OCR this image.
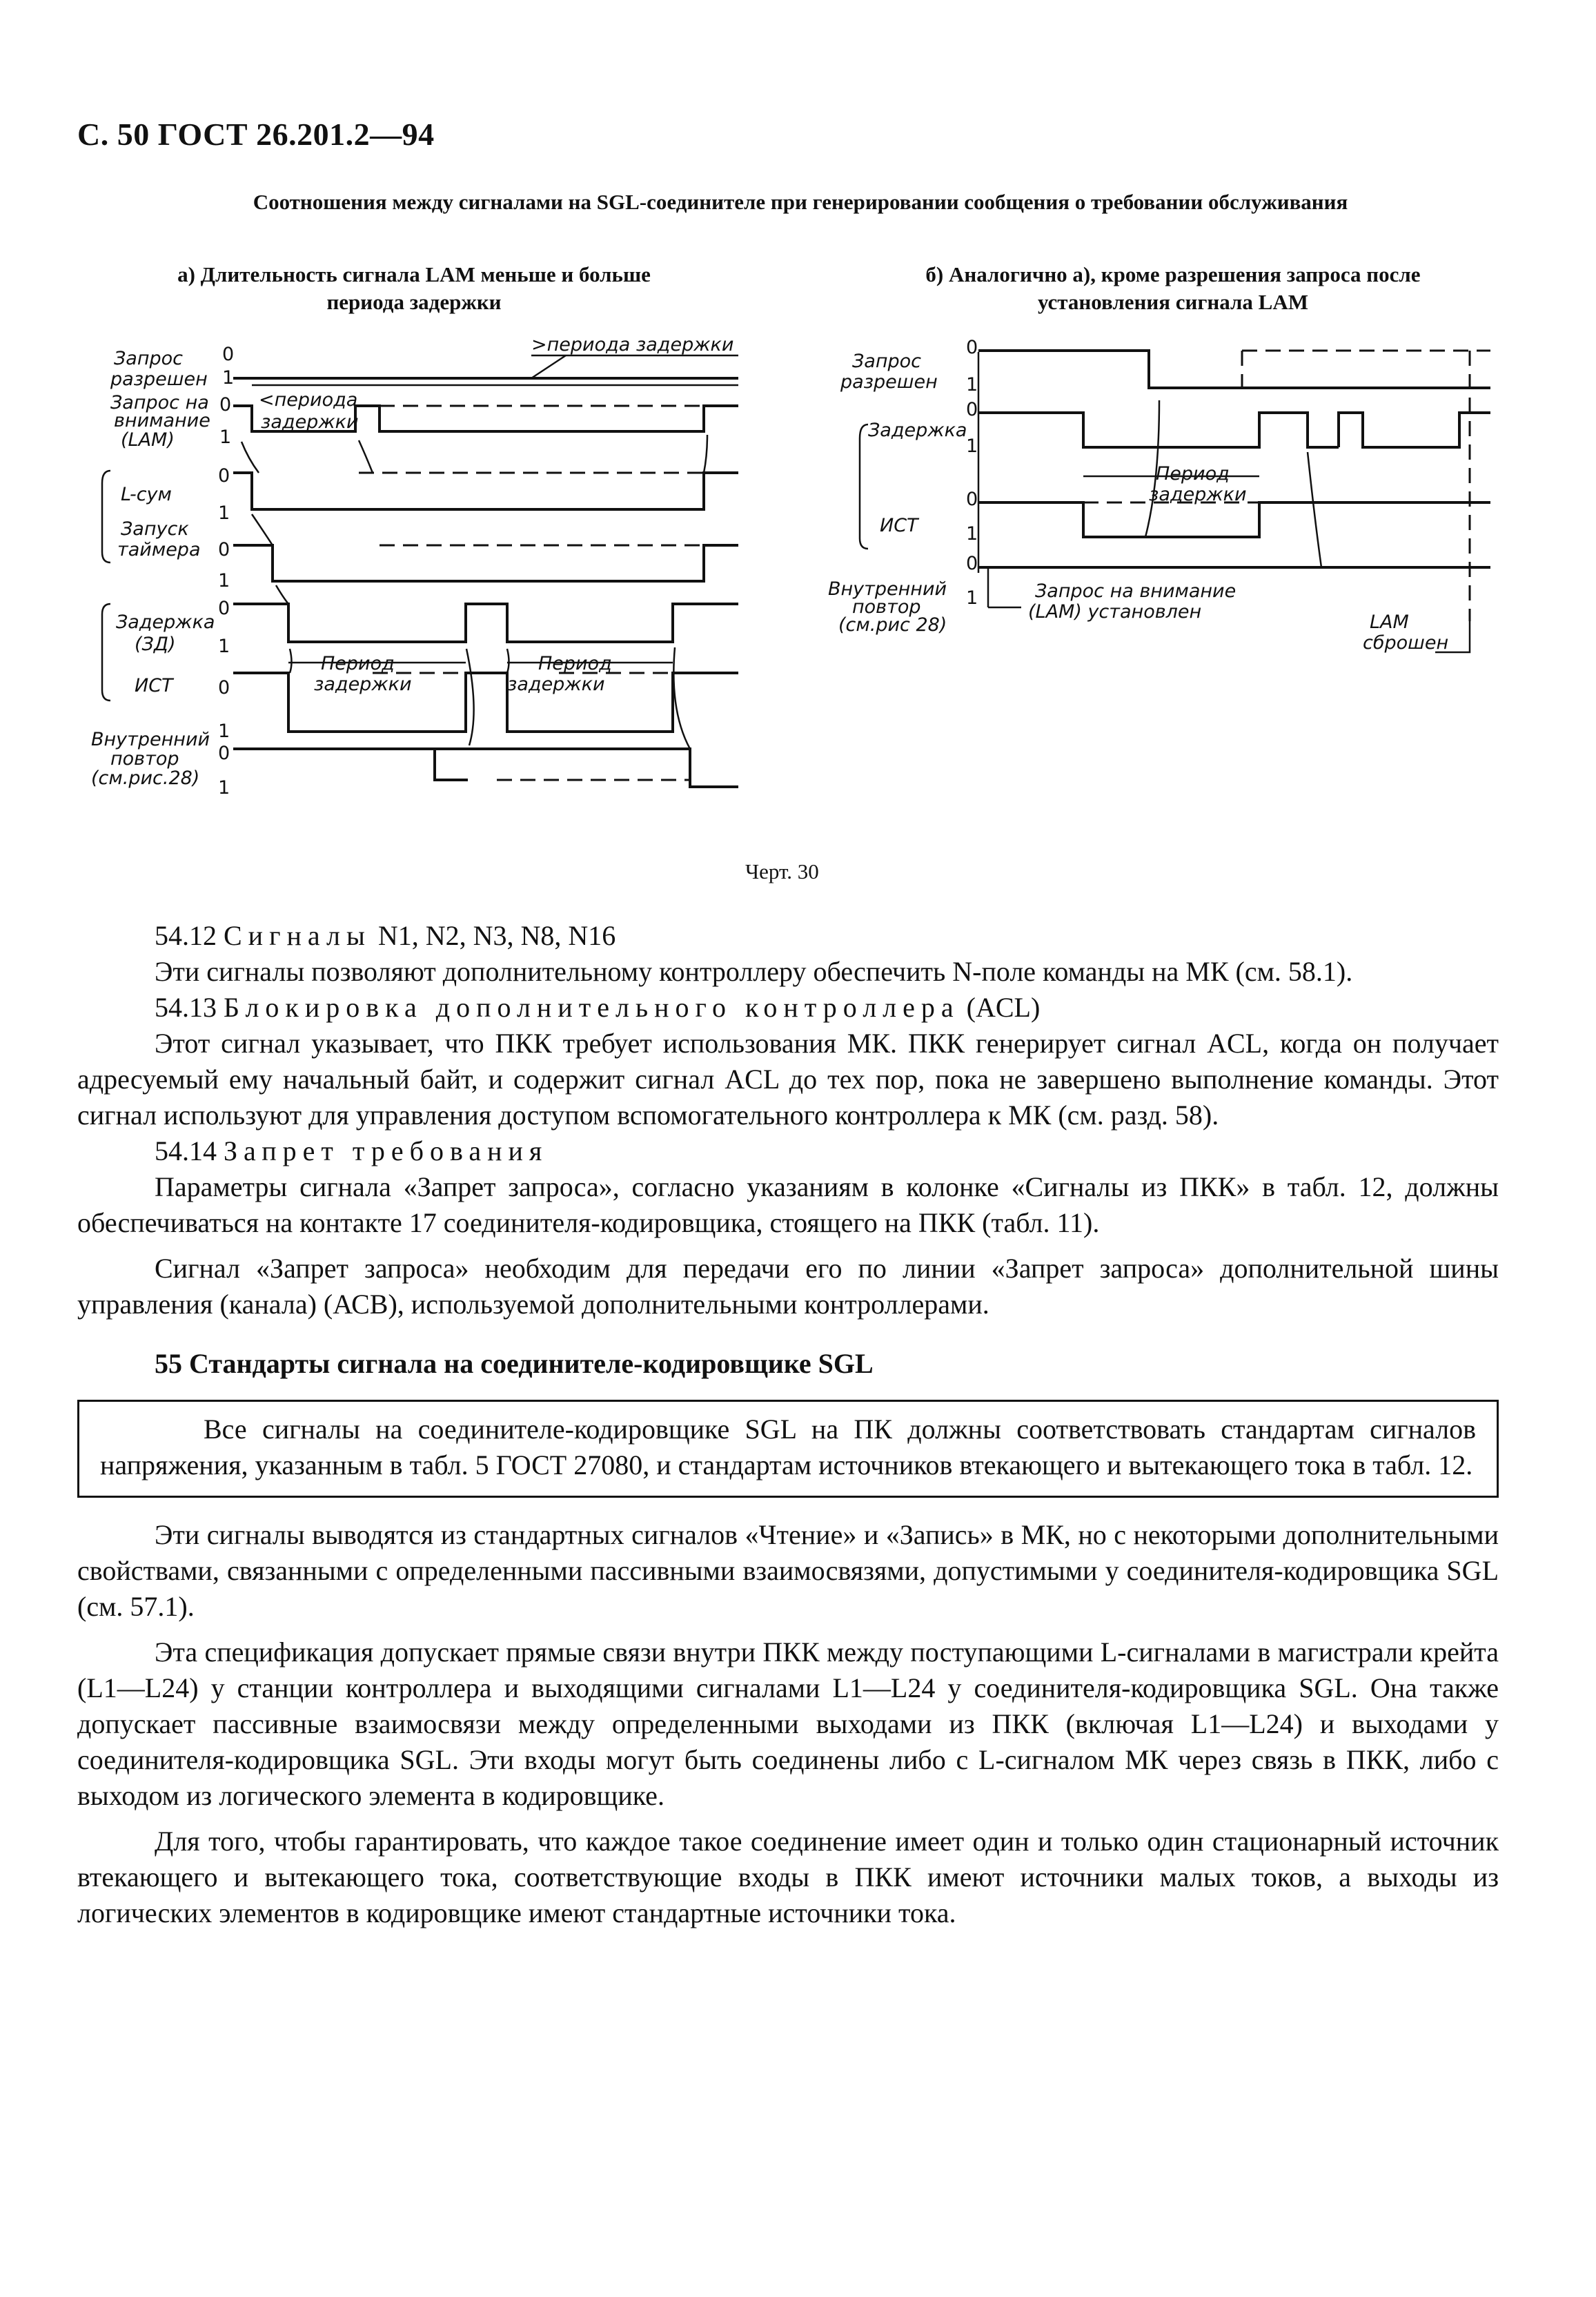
С. 50 ГОСТ 26.201.2—94
Соотношения между сигналами на SGL-соединителе при генерировании сообщения о требовании обслуживания
а) Длительность сигнала LAM меньше и больше
периода задержки
б) Аналогично а), кроме разрешения запроса после
установления сигнала LAM
Запрос
разрешен
Запрос на
внимание
(LAM)
L-сум
Запуск
таймера
Задержка
(ЗД)
ИСТ
Внутренний
повтор
(см.рис.28)
0
1
0
1
0
1
0
1
0
1
0
1
0
1
>периода задержки
<периода
задержки
Период
задержки
Период
задержки
Запрос
разрешен
Задержка
ИСТ
Внутренний
повтор
(см.рис 28)
0
1
0
1
0
1
0
1	Запрос на внимание
(LAM) установлен	LAM
сброшен
Период
задержки
Черт. 30

54.12 Сигналы N1, N2, N3, N8, N16

Эти сигналы позволяют дополнительному контроллеру обеспечить N-поле команды на МК (см. 58.1).

54.13 Блокировка дополнительного контроллера (ACL)

Этот сигнал указывает, что ПКК требует использования МК. ПКК генерирует сигнал ACL, когда он получает адресуемый ему начальный байт, и содержит сигнал ACL до тех пор, пока не завершено выполнение команды. Этот сигнал используют для управления доступом вспомогательного контроллера к МК (см. разд. 58).

54.14 Запрет требования

Параметры сигнала «Запрет запроса», согласно указаниям в колонке «Сигналы из ПКК» в табл. 12, должны обеспечиваться на контакте 17 соединителя-кодировщика, стоящего на ПКК (табл. 11).

Сигнал «Запрет запроса» необходим для передачи его по линии «Запрет запроса» дополнительной шины управления (канала) (АСВ), используемой дополнительными контроллерами.

55 Стандарты сигнала на соединителе-кодировщике SGL

Все сигналы на соединителе-кодировщике SGL на ПК должны соответствовать стандартам сигналов напряжения, указанным в табл. 5 ГОСТ 27080, и стандартам источников втекающего и вытекающего тока в табл. 12.

Эти сигналы выводятся из стандартных сигналов «Чтение» и «Запись» в МК, но с некоторыми дополнительными свойствами, связанными с определенными пассивными взаимосвязями, допустимыми у соединителя-кодировщика SGL (см. 57.1).

Эта спецификация допускает прямые связи внутри ПКК между поступающими L-сигналами в магистрали крейта (L1—L24) у станции контроллера и выходящими сигналами L1—L24 у соединителя-кодировщика SGL. Она также допускает пассивные взаимосвязи между определенными выходами из ПКК (включая L1—L24) и выходами у соединителя-кодировщика SGL. Эти входы могут быть соединены либо с L-сигналом МК через связь в ПКК, либо с выходом из логического элемента в кодировщике.

Для того, чтобы гарантировать, что каждое такое соединение имеет один и только один стационарный источник втекающего и вытекающего тока, соответствующие входы в ПКК имеют источники малых токов, а выходы из логических элементов в кодировщике имеют стандартные источники тока.
